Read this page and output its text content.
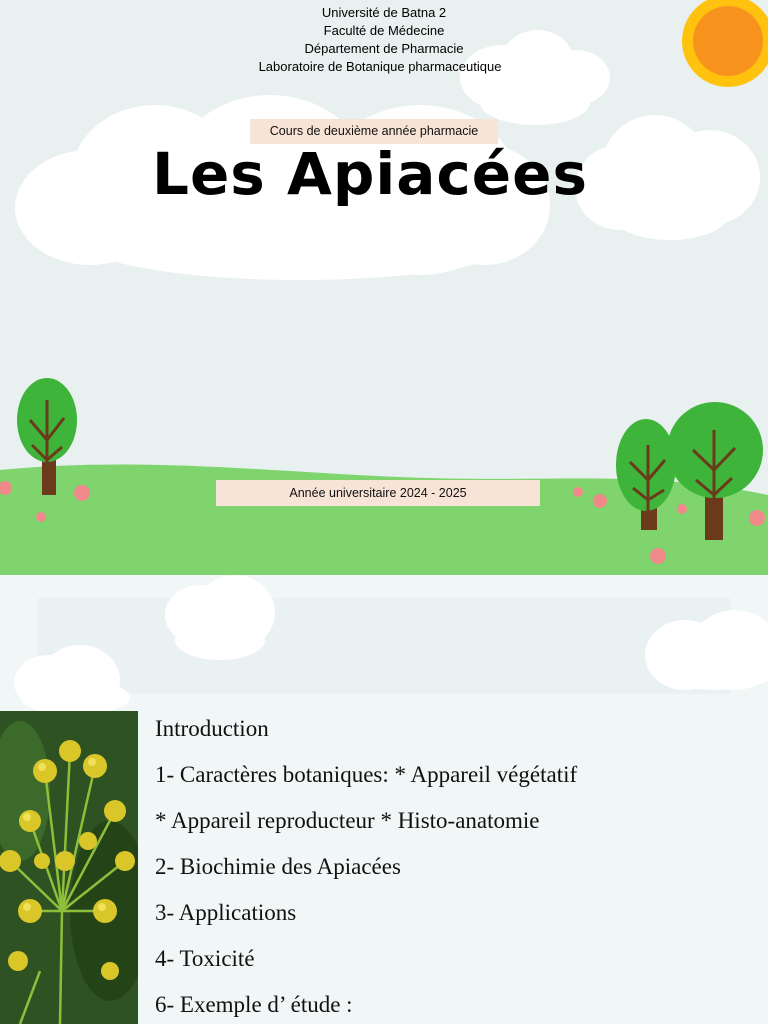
Université de Batna 2
Faculté de Médecine
Département de Pharmacie
Laboratoire de Botanique pharmaceutique
Cours de deuxième année pharmacie
Les Apiacées
Année universitaire 2024 - 2025
Introduction
1- Caractères botaniques: * Appareil végétatif
* Appareil reproducteur * Histo-anatomie
2- Biochimie des Apiacées
3- Applications
4- Toxicité
6- Exemple d’ étude :
